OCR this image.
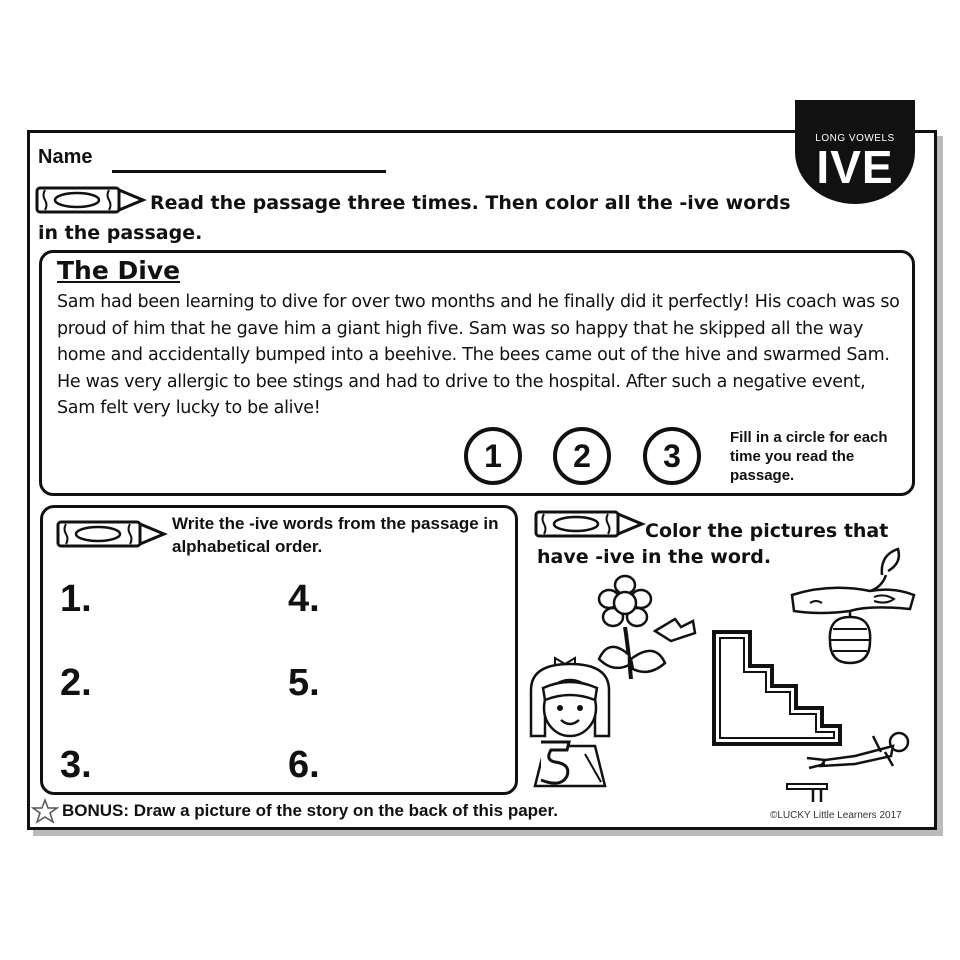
LONG VOWELS
IVE
Name
Read the passage three times. Then color all the -ive words in the passage.
The Dive
Sam had been learning to dive for over two months and he finally did it perfectly! His coach was so proud of him that he gave him a giant high five. Sam was so happy that he skipped all the way home and accidentally bumped into a beehive. The bees came out of the hive and swarmed Sam. He was very allergic to bee stings and had to drive to the hospital. After such a negative event, Sam felt very lucky to be alive!
1	2	3
Fill in a circle for each time you read the passage.
Write the -ive words from the passage in alphabetical order.
1.
2.
3.
4.
5.
6.
Color the pictures that have -ive in the word.
BONUS: Draw a picture of the story on the back of this paper.	©LUCKY Little Learners 2017
